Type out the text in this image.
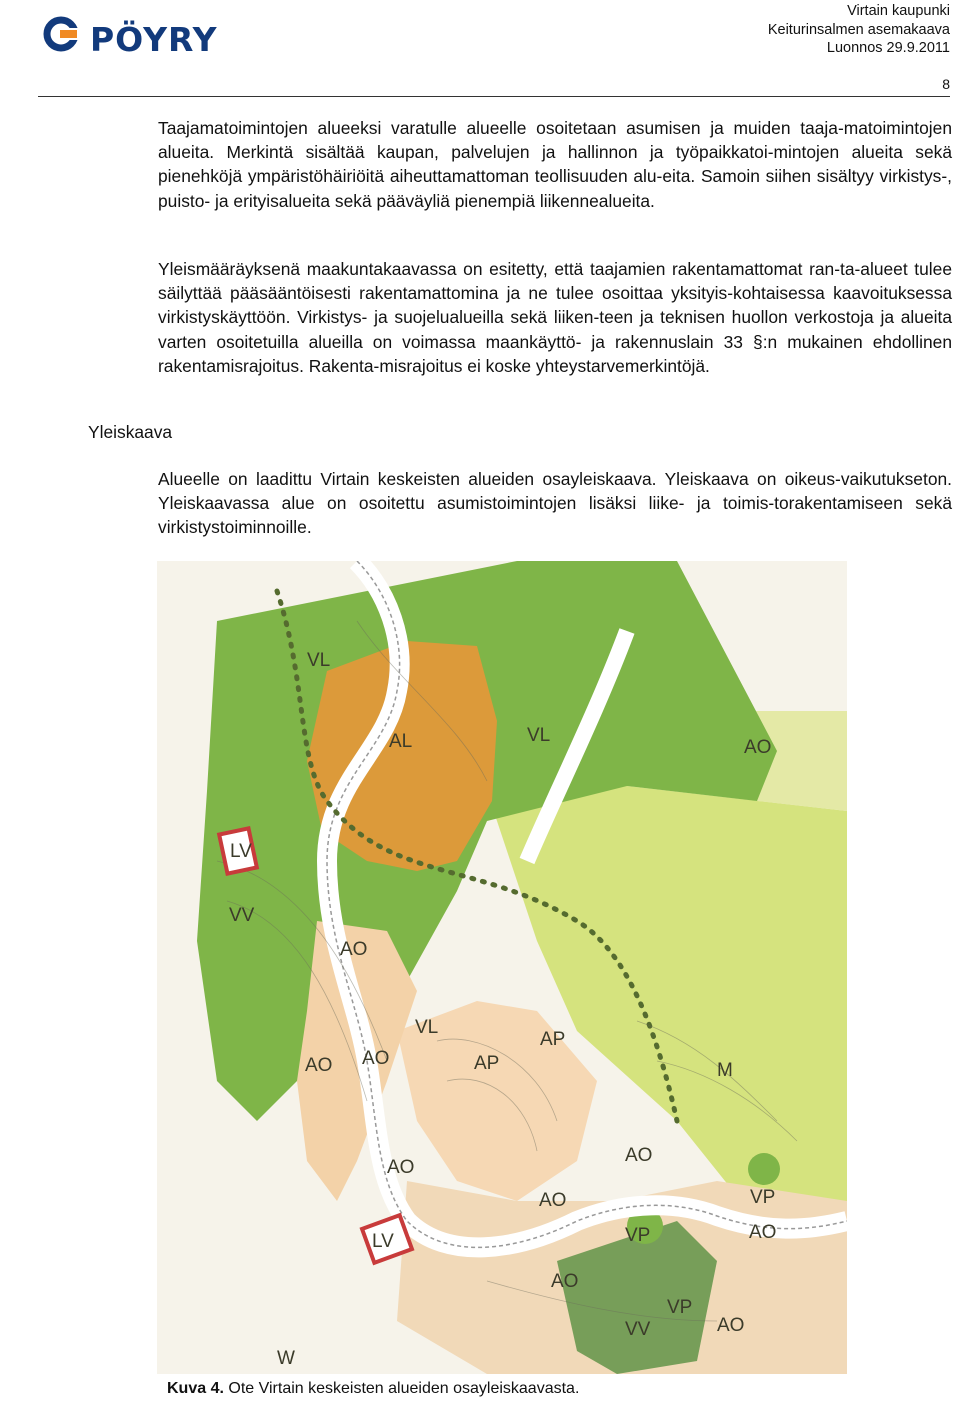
PÖYRY
Virtain kaupunki
Keiturinsalmen asemakaava
Luonnos 29.9.2011
8
Taajamatoimintojen alueeksi varatulle alueelle osoitetaan asumisen ja muiden taaja-matoimintojen alueita. Merkintä sisältää kaupan, palvelujen ja hallinnon ja työpaikkatoi-mintojen alueita sekä pienehköjä ympäristöhäiriöitä aiheuttamattoman teollisuuden alu-eita. Samoin siihen sisältyy virkistys-, puisto- ja erityisalueita sekä pääväyliä pienempiä liikennealueita.
Yleismääräyksenä maakuntakaavassa on esitetty, että taajamien rakentamattomat ran-ta-alueet tulee säilyttää pääsääntöisesti rakentamattomina ja ne tulee osoittaa yksityis-kohtaisessa kaavoituksessa virkistyskäyttöön. Virkistys- ja suojelualueilla sekä liiken-teen ja teknisen huollon verkostoja ja alueita varten osoitetuilla alueilla on voimassa maankäyttö- ja rakennuslain 33 §:n mukainen ehdollinen rakentamisrajoitus. Rakenta-misrajoitus ei koske yhteystarvemerkintöjä.
Yleiskaava
Alueelle on laadittu Virtain keskeisten alueiden osayleiskaava. Yleiskaava on oikeus-vaikutukseton. Yleiskaavassa alue on osoitettu asumistoimintojen lisäksi liike- ja toimis-torakentamiseen sekä virkistystoiminnoille.
VL
AL	VL
AO
LV
VV
AO
VL
AO
AO	AP
AP
M
AO
AO
VP
VP
AO
AO
AO
LV
VP
VV
W
AO
Kuva 4. Ote Virtain keskeisten alueiden osayleiskaavasta.
